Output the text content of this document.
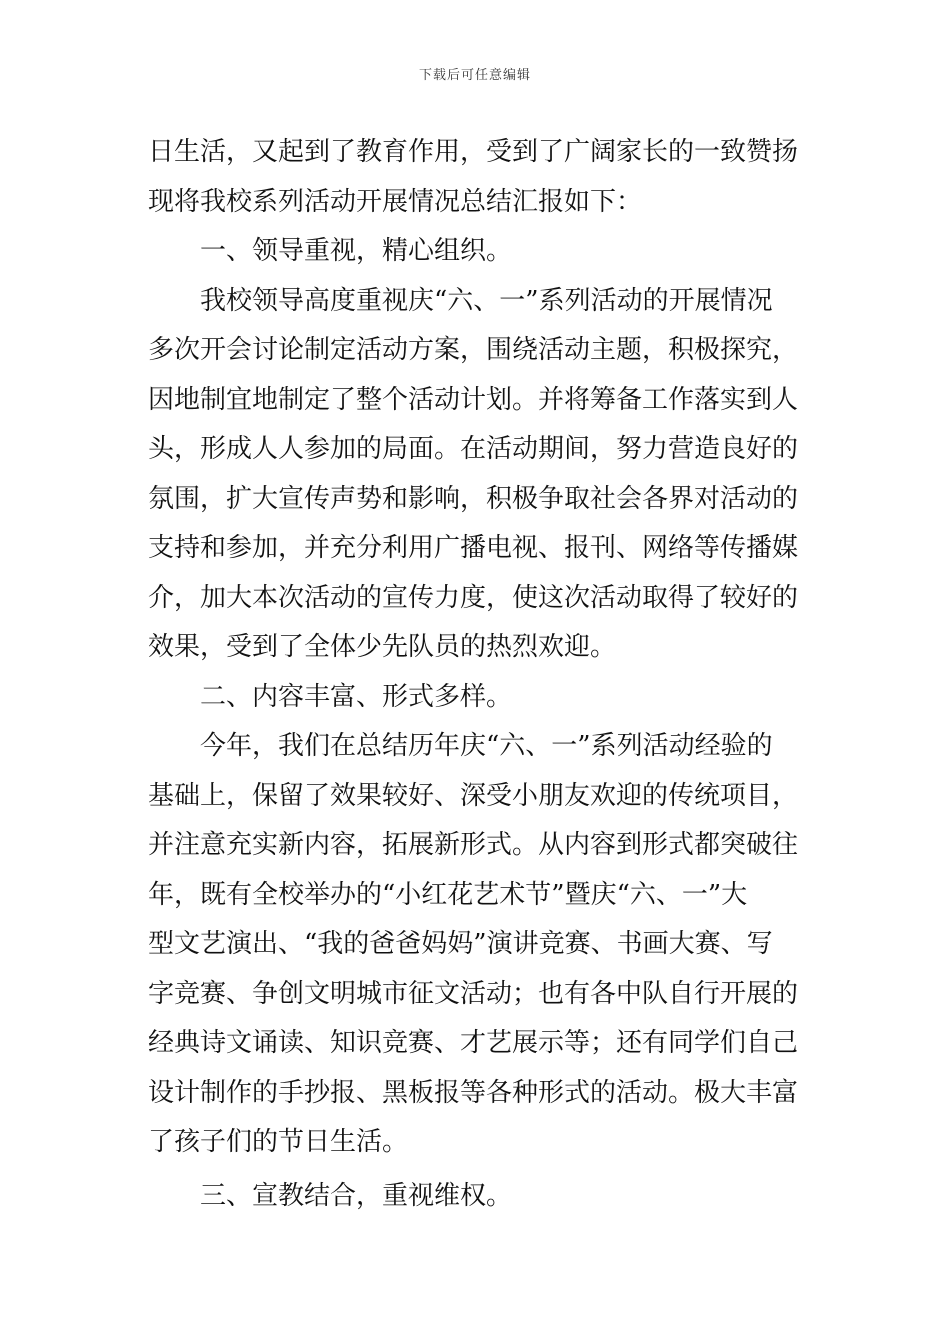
下载后可任意编辑
日生活，又起到了教育作用，受到了广阔家长的一致赞扬
现将我校系列活动开展情况总结汇报如下：
一、领导重视，精心组织。
我校领导高度重视庆“六、一”系列活动的开展情况
多次开会讨论制定活动方案，围绕活动主题，积极探究，
因地制宜地制定了整个活动计划。并将筹备工作落实到人
头，形成人人参加的局面。在活动期间，努力营造良好的
氛围，扩大宣传声势和影响，积极争取社会各界对活动的
支持和参加，并充分利用广播电视、报刊、网络等传播媒
介，加大本次活动的宣传力度，使这次活动取得了较好的
效果，受到了全体少先队员的热烈欢迎。
二、内容丰富、形式多样。
今年，我们在总结历年庆“六、一”系列活动经验的
基础上，保留了效果较好、深受小朋友欢迎的传统项目，
并注意充实新内容，拓展新形式。从内容到形式都突破往
年，既有全校举办的“小红花艺术节”暨庆“六、一”大
型文艺演出、“我的爸爸妈妈”演讲竞赛、书画大赛、写
字竞赛、争创文明城市征文活动；也有各中队自行开展的
经典诗文诵读、知识竞赛、才艺展示等；还有同学们自己
设计制作的手抄报、黑板报等各种形式的活动。极大丰富
了孩子们的节日生活。
三、宣教结合，重视维权。
